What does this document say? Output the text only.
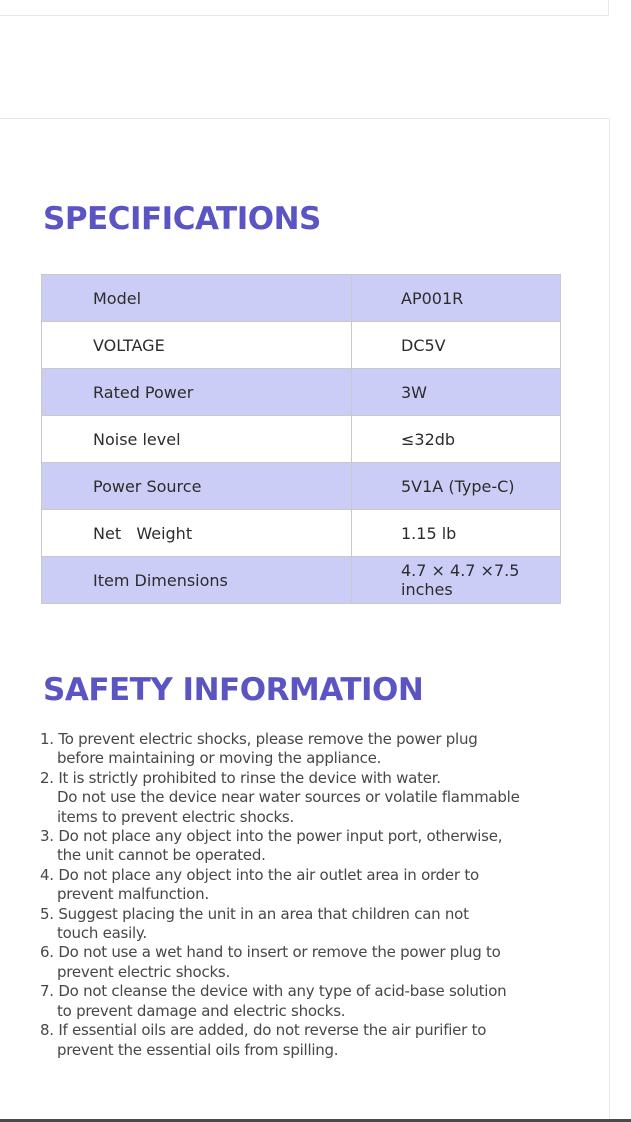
SPECIFICATIONS
Model	AP001R
VOLTAGE	DC5V
Rated Power	3W
Noise level	≤32db
Power Source	5V1A (Type-C)
Net   Weight	1.15 lb
Item Dimensions	4.7 × 4.7 ×7.5 inches
SAFETY INFORMATION
1. To prevent electric shocks, please remove the power plug
before maintaining or moving the appliance.
2. It is strictly prohibited to rinse the device with water.
Do not use the device near water sources or volatile flammable
items to prevent electric shocks.
3. Do not place any object into the power input port, otherwise,
the unit cannot be operated.
4. Do not place any object into the air outlet area in order to
prevent malfunction.
5. Suggest placing the unit in an area that children can not
touch easily.
6. Do not use a wet hand to insert or remove the power plug to
prevent electric shocks.
7. Do not cleanse the device with any type of acid-base solution
to prevent damage and electric shocks.
8. If essential oils are added, do not reverse the air purifier to
prevent the essential oils from spilling.
